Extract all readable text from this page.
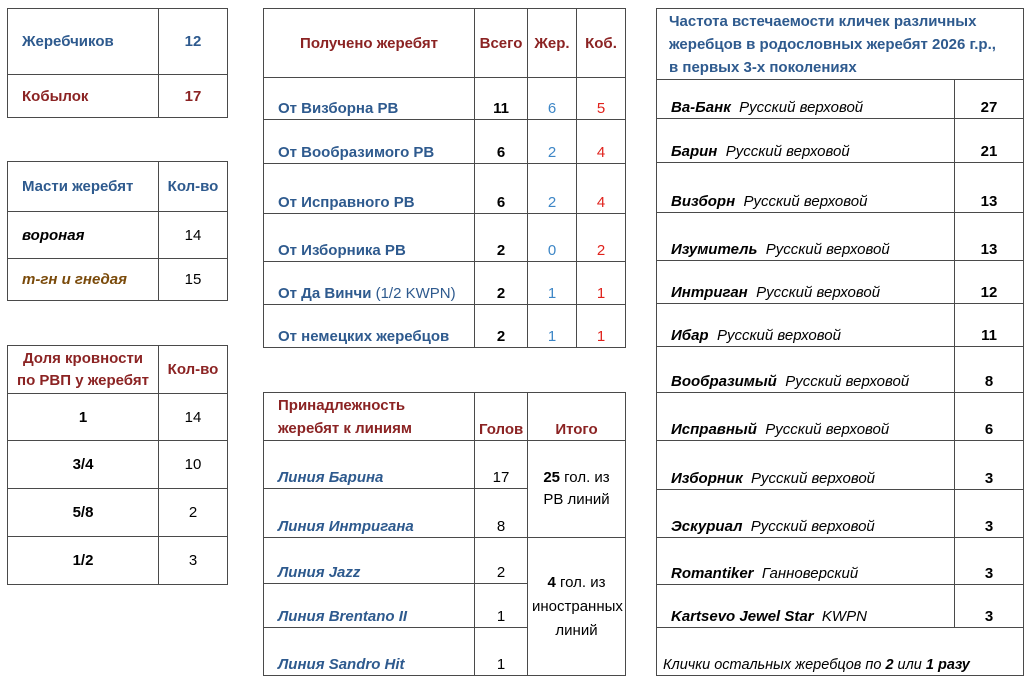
Жеребчиков	12
Кобылок	17
Масти жеребят	Кол-во
вороная	14
т-гн и гнедая	15
Доля кровности
по РВП у жеребят	Кол-во
1	14
3/4	10
5/8	2
1/2	3
Получено жеребят	Всего	Жер.	Коб.
От Визборна РВ	11	6	5
От Вообразимого РВ	6	2	4
От Исправного РВ	6	2	4
От Изборника РВ	2	0	2
От Да Винчи (1/2 KWPN)	2	1	1
От немецких жеребцов	2	1	1
Принадлежность
жеребят к линиям	Голов	Итого
Линия Барина	17	25 гол. из РВ линий
Линия Интригана	8	
Линия Jazz	2	4 гол. из иностранных линий
Линия Brentano II	1	
Линия Sandro Hit	1	
Частота встечаемости кличек различных
жеребцов в родословных жеребят 2026 г.р.,
в первых 3-х поколениях	

Ва-Банк Русский верховой	27
Барин Русский верховой	21
Визборн Русский верховой	13
Изумитель Русский верховой	13
Интриган Русский верховой	12
Ибар Русский верховой	11
Вообразимый Русский верховой	8
Исправный Русский верховой	6
Изборник Русский верховой	3
Эскуриал Русский верховой	3
Romantiker Ганноверский	3
Kartsevo Jewel Star KWPN	3
Клички остальных жеребцов по 2 или 1 разу	
